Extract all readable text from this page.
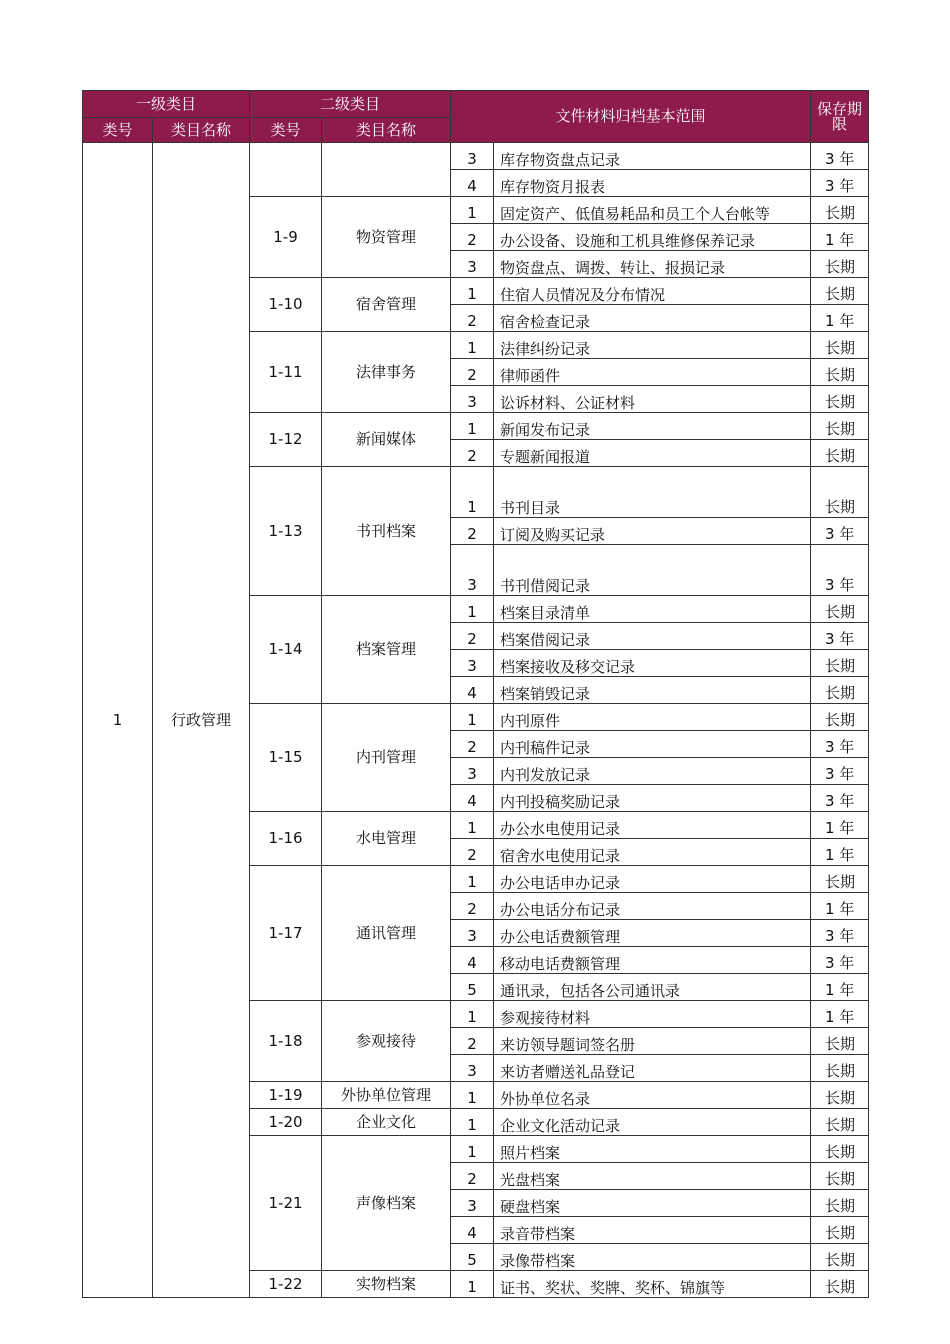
一级类目		二级类目		文件材料归档基本范围		保存期限
类号	类目名称	类号	类目名称			
1	行政管理			3	库存物资盘点记录	3 年
				4	库存物资月报表	3 年
		1-9	物资管理	1	固定资产、低值易耗品和员工个人台帐等	长期
				2	办公设备、设施和工机具维修保养记录	1 年
				3	物资盘点、调拨、转让、报损记录	长期
		1-10	宿舍管理	1	住宿人员情况及分布情况	长期
				2	宿舍检查记录	1 年
		1-11	法律事务	1	法律纠纷记录	长期
				2	律师函件	长期
				3	讼诉材料、公证材料	长期
		1-12	新闻媒体	1	新闻发布记录	长期
				2	专题新闻报道	长期
		1-13	书刊档案	1	书刊目录	长期
				2	订阅及购买记录	3 年
				3	书刊借阅记录	3 年
		1-14	档案管理	1	档案目录清单	长期
				2	档案借阅记录	3 年
				3	档案接收及移交记录	长期
				4	档案销毁记录	长期
		1-15	内刊管理	1	内刊原件	长期
				2	内刊稿件记录	3 年
				3	内刊发放记录	3 年
				4	内刊投稿奖励记录	3 年
		1-16	水电管理	1	办公水电使用记录	1 年
				2	宿舍水电使用记录	1 年
		1-17	通讯管理	1	办公电话申办记录	长期
				2	办公电话分布记录	1 年
				3	办公电话费额管理	3 年
				4	移动电话费额管理	3 年
				5	通讯录，包括各公司通讯录	1 年
		1-18	参观接待	1	参观接待材料	1 年
				2	来访领导题词签名册	长期
				3	来访者赠送礼品登记	长期
		1-19	外协单位管理	1	外协单位名录	长期
		1-20	企业文化	1	企业文化活动记录	长期
		1-21	声像档案	1	照片档案	长期
				2	光盘档案	长期
				3	硬盘档案	长期
				4	录音带档案	长期
				5	录像带档案	长期
		1-22	实物档案	1	证书、奖状、奖牌、奖杯、锦旗等	长期
